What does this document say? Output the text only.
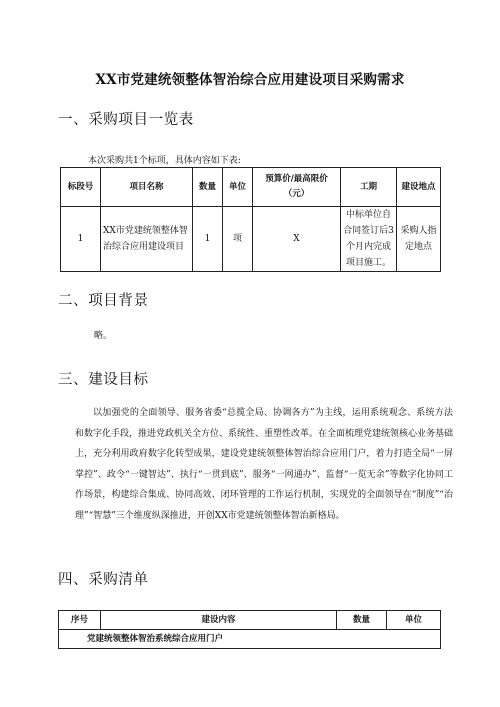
XX市党建统领整体智治综合应用建设项目采购需求
一、采购项目一览表
本次采购共1个标项，具体内容如下表:
标段号	项目名称	数量	单位	预算价/最高限价（元）	工期	建设地点
1	XX市党建统领整体智治综合应用建设项目	1	项	X	中标单位自合同签订后3个月内完成项目施工。	采购人指定地点
二、项目背景
略。
三、建设目标
以加强党的全面领导、服务省委“总揽全局、协调各方”为主线，运用系统观念、系统方法和数字化手段，推进党政机关全方位、系统性、重塑性改革。在全面梳理党建统领核心业务基础上，充分利用政府数字化转型成果，建设党建统领整体智治综合应用门户，着力打造全局“一屏掌控”、政令“一键智达”、执行“一贯到底”、服务“一网通办”、监督“一览无余”等数字化协同工作场景，构建综合集成、协同高效、闭环管理的工作运行机制，实现党的全面领导在“制度”“治理”“智慧”三个维度纵深推进，开创XX市党建统领整体智治新格局。
四、采购清单
序号	建设内容	数量	单位
党建统领整体智治系统综合应用门户
